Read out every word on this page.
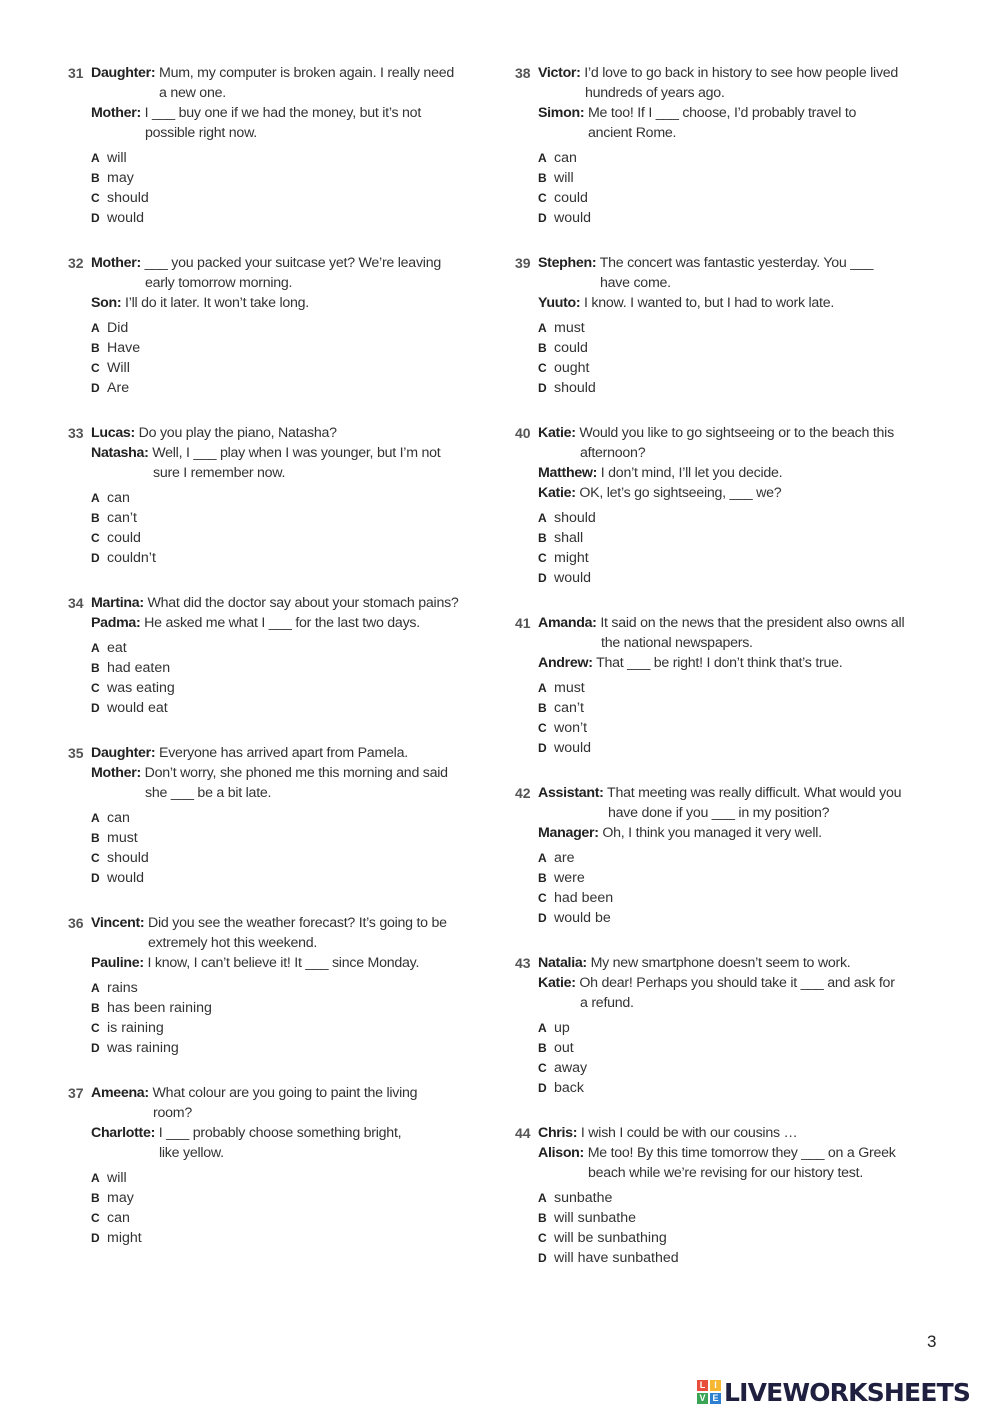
31 Daughter: Mum, my computer is broken again. I really need
a new one.
Mother: I ___ buy one if we had the money, but it’s not
possible right now.
A will
B may
C should
D would
32 Mother: ___ you packed your suitcase yet? We’re leaving
early tomorrow morning.
Son: I’ll do it later. It won’t take long.
A Did
B Have
C Will
D Are
33 Lucas: Do you play the piano, Natasha?
Natasha: Well, I ___ play when I was younger, but I’m not
sure I remember now.
A can
B can’t
C could
D couldn’t
34 Martina: What did the doctor say about your stomach pains?
Padma: He asked me what I ___ for the last two days.
A eat
B had eaten
C was eating
D would eat
35 Daughter: Everyone has arrived apart from Pamela.
Mother: Don’t worry, she phoned me this morning and said
she ___ be a bit late.
A can
B must
C should
D would
36 Vincent: Did you see the weather forecast? It’s going to be
extremely hot this weekend.
Pauline: I know, I can’t believe it! It ___ since Monday.
A rains
B has been raining
C is raining
D was raining
37 Ameena: What colour are you going to paint the living
room?
Charlotte: I ___ probably choose something bright,
like yellow.
A will
B may
C can
D might
38 Victor: I’d love to go back in history to see how people lived
hundreds of years ago.
Simon: Me too! If I ___ choose, I’d probably travel to
ancient Rome.
A can
B will
C could
D would
39 Stephen: The concert was fantastic yesterday. You ___
have come.
Yuuto: I know. I wanted to, but I had to work late.
A must
B could
C ought
D should
40 Katie: Would you like to go sightseeing or to the beach this
afternoon?
Matthew: I don’t mind, I’ll let you decide.
Katie: OK, let’s go sightseeing, ___ we?
A should
B shall
C might
D would
41 Amanda: It said on the news that the president also owns all
the national newspapers.
Andrew: That ___ be right! I don’t think that’s true.
A must
B can’t
C won’t
D would
42 Assistant: That meeting was really difficult. What would you
have done if you ___ in my position?
Manager: Oh, I think you managed it very well.
A are
B were
C had been
D would be
43 Natalia: My new smartphone doesn’t seem to work.
Katie: Oh dear! Perhaps you should take it ___ and ask for
a refund.
A up
B out
C away
D back
44 Chris: I wish I could be with our cousins …
Alison: Me too! By this time tomorrow they ___ on a Greek
beach while we’re revising for our history test.
A sunbathe
B will sunbathe
C will be sunbathing
D will have sunbathed
3
L I
V E LIVEWORKSHEETS
